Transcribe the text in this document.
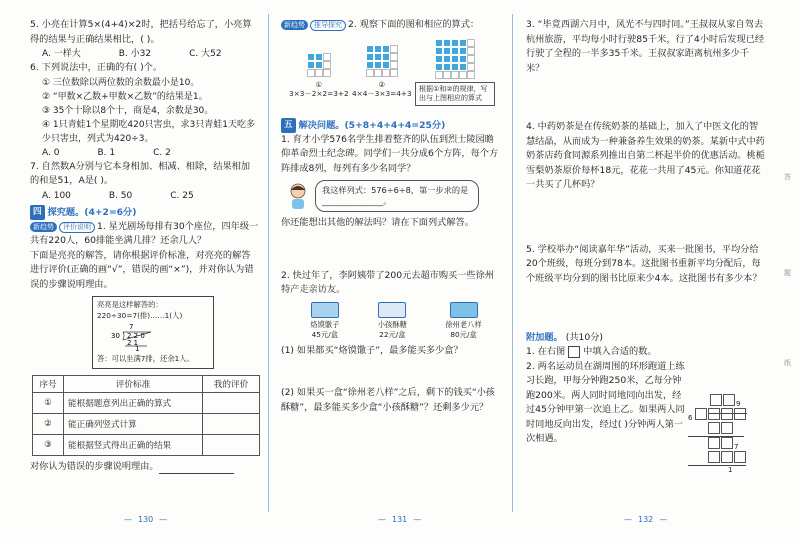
5. 小亮在计算5×(4+4)×2时，把括号给忘了，小亮算得的结果与正确结果相比，( )。

A. 一样大	B. 小32	C. 大52

6. 下列说法中，正确的有( )个。

① 三位数除以两位数的余数最小是10。
② “甲数×乙数+甲数×乙数”的结果是1。
③ 35个十除以8个十，商是4，余数是30。
④ 1只青蛙1个星期吃420只害虫，求3只青蛙1天吃多少只害虫，列式为420÷3。
A. 0	B. 1	C. 2

7. 自然数A分别与它本身相加、相减、相除，结果相加的和是51，A是( )。

A. 100	B. 50	C. 25
四 探究题。(4+2=6分)

新趋势 评价说明 1. 星光剧场每排有30个座位，四年级一共有220人，60排能坐满几排？还余几人？

下面是亮亮的解答，请你根据评价标准，对亮亮的解答进行评价(正确的画“√”，错误的画“×”)，并对你认为错误的步骤说明理由。

亮亮是这样解答的：
220÷30=7(排)……1(人)
7
30 2 2 0
2 1
1
答：可以坐满7排，还余1人。
序号	评价标准	我的评价
①	能根据题意列出正确的算式	
②	能正确列竖式计算	
③	能根据竖式得出正确的结果	

对你认为错误的步骤说明理由。

— 130 —

新趋势 推导探究 2. 观察下面的图和相应的算式：

①
3×3－2×2=3+2
②
4×4－3×3=4+3	根据①和②的规律，写出与上图相应的算式
五 解决问题。(5+8+4+4+4=25分)

1. 育才小学576名学生排着整齐的队伍到烈士陵园瞻仰革命烈士纪念碑。同学们一共分成6个方阵，每个方阵排成8列，每列有多少名同学？

我这样列式：576÷6÷8，第一步求的是_______________。

你还能想出其他的解法吗？请在下面列式解答。

2. 快过年了，李阿姨带了200元去超市购买一些徐州特产走亲访友。

烙馍馓子
45元/盒
小孩酥糖
22元/盒
徐州老八样
80元/盒

(1) 如果都买“烙馍馓子”，最多能买多少盒？

(2) 如果买一盒“徐州老八样”之后，剩下的钱买“小孩酥糖”，最多能买多少盒“小孩酥糖”？还剩多少元？

— 131 —

3. “毕竟西湖六月中，风光不与四时同。”王叔叔从家自驾去杭州旅游，平均每小时行驶85千米，行了4小时后发现已经行驶了全程的一半多35千米。王叔叔家距离杭州多少千米？

4. 中药奶茶是在传统奶茶的基础上，加入了中医文化的智慧结晶，从而成为一种兼备养生效果的奶茶。某新中式中药奶茶店药食同源系列推出自第二杯起半价的优惠活动。桃栀雪梨奶茶原价每杯18元，花花一共用了45元。你知道花花一共买了几杯吗？

5. 学校举办“阅读嘉年华”活动，买来一批图书，平均分给20个班级，每班分到78本。这批图书重新平均分配后，每个班级平均分到的图书比原来少4本。这批图书有多少本？

附加题。 (共10分)

1. 在右图 中填入合适的数。

2. 两名运动员在湖周围的环形跑道上练习长跑，甲每分钟跑250米，乙每分钟跑200米。两人同时同地同向出发，经过45分钟甲第一次追上乙。如果两人同时同地反向出发，经过( )分钟两人第一次相遇。

9
6
7
1
— 132 —
答
题
纸
